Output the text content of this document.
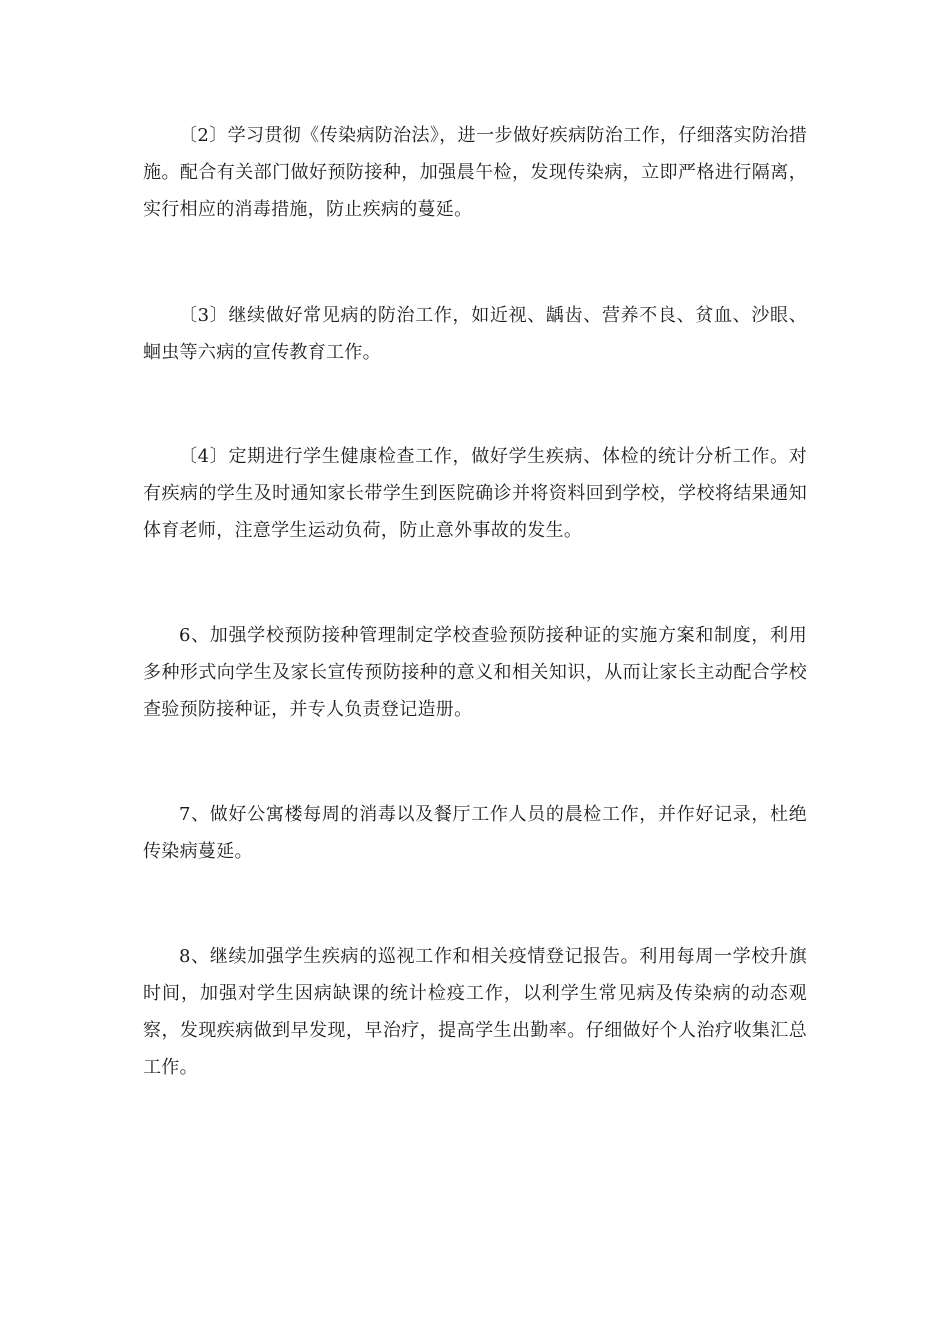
〔2〕学习贯彻《传染病防治法》，进一步做好疾病防治工作，仔细落实防治措施。配合有关部门做好预防接种，加强晨午检，发现传染病，立即严格进行隔离，实行相应的消毒措施，防止疾病的蔓延。

〔3〕继续做好常见病的防治工作，如近视、龋齿、营养不良、贫血、沙眼、蛔虫等六病的宣传教育工作。

〔4〕定期进行学生健康检查工作，做好学生疾病、体检的统计分析工作。对有疾病的学生及时通知家长带学生到医院确诊并将资料回到学校，学校将结果通知体育老师，注意学生运动负荷，防止意外事故的发生。

6、加强学校预防接种管理制定学校查验预防接种证的实施方案和制度，利用多种形式向学生及家长宣传预防接种的意义和相关知识，从而让家长主动配合学校查验预防接种证，并专人负责登记造册。

7、做好公寓楼每周的消毒以及餐厅工作人员的晨检工作，并作好记录，杜绝传染病蔓延。

8、继续加强学生疾病的巡视工作和相关疫情登记报告。利用每周一学校升旗时间，加强对学生因病缺课的统计检疫工作，以利学生常见病及传染病的动态观察，发现疾病做到早发现，早治疗，提高学生出勤率。仔细做好个人治疗收集汇总工作。
